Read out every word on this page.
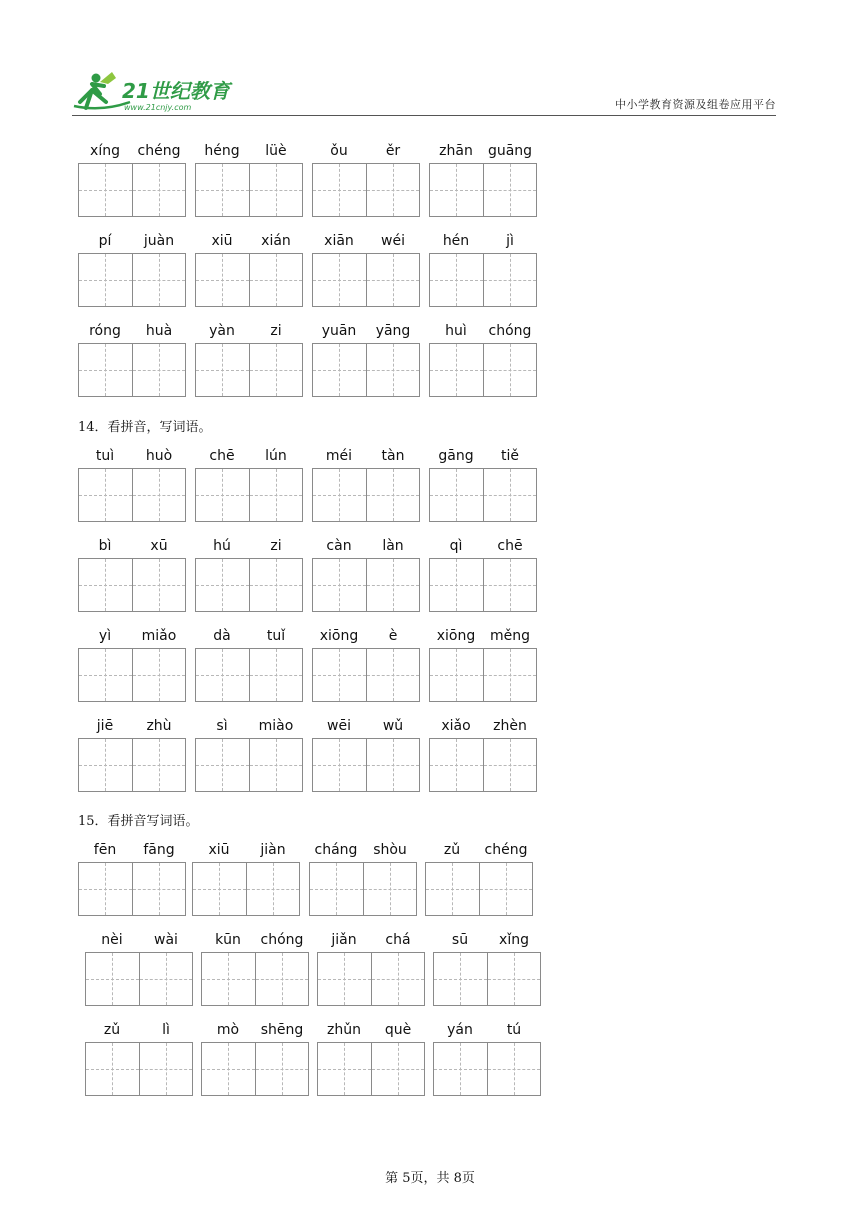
21世纪教育
www.21cnjy.com	中小学教育资源及组卷应用平台
xíng	chéng	héng	lüè	ǒu	ěr	zhān	guāng
pí	juàn	xiū	xián	xiān	wéi	hén	jì
róng	huà	yàn	zi	yuān	yāng	huì	chóng
14．看拼音，写词语。
tuì	huò	chē	lún	méi	tàn	gāng	tiě
bì	xū	hú	zi	càn	làn	qì	chē
yì	miǎo	dà	tuǐ	xiōng	è	xiōng	měng
jiē	zhù	sì	miào	wēi	wǔ	xiǎo	zhèn
15．看拼音写词语。
fēn	fāng	xiū	jiàn	cháng	shòu	zǔ	chéng
nèi	wài	kūn	chóng	jiǎn	chá	sū	xǐng
zǔ	lì	mò	shēng	zhǔn	què	yán	tú
第 5页，共 8页
